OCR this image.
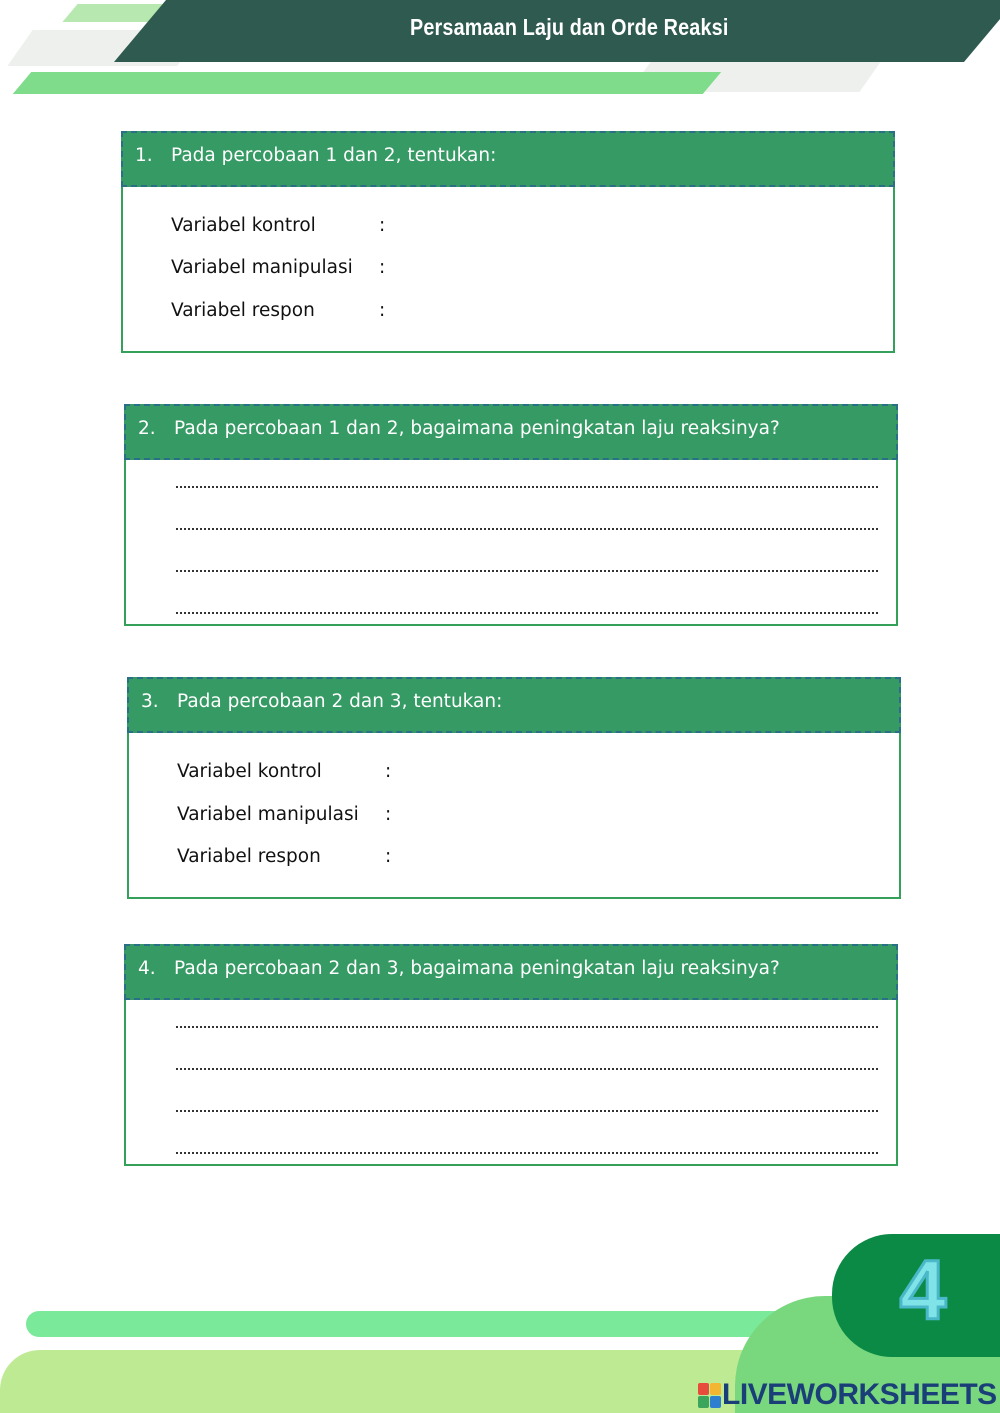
Persamaan Laju dan Orde Reaksi
1. Pada percobaan 1 dan 2, tentukan:
Variabel kontrol	:
Variabel manipulasi :
Variabel respon	:
2. Pada percobaan 1 dan 2, bagaimana peningkatan laju reaksinya?
3. Pada percobaan 2 dan 3, tentukan:
Variabel kontrol	:
Variabel manipulasi :
Variabel respon	:
4. Pada percobaan 2 dan 3, bagaimana peningkatan laju reaksinya?
4
LIVEWORKSHEETS
